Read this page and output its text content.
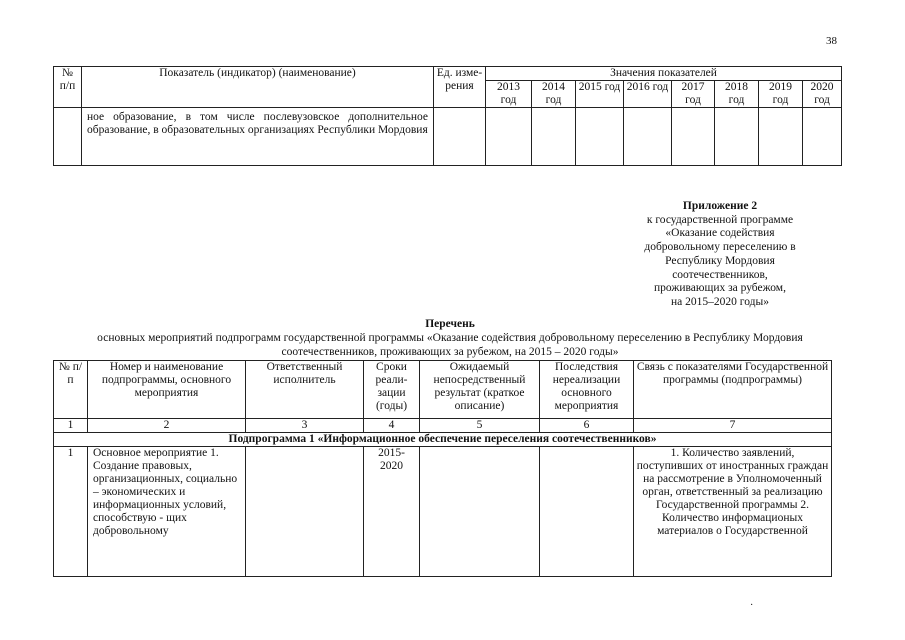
38
№ п/п	Показатель (индикатор) (наименование)	Ед. изме- рения	Значения показателей							
			2013 год	2014 год	2015 год	2016 год	2017 год	2018 год	2019 год	2020 год
	ное образование, в том числе послевузовское дополнительное образование, в образовательных организациях Республики Мордовия									
Приложение 2
к государственной программе
«Оказание содействия
добровольному переселению в
Республику Мордовия
соотечественников,
проживающих за рубежом,
на 2015–2020 годы»
Перечень
основных мероприятий подпрограмм государственной программы «Оказание содействия добровольному переселению в Республику Мордовия соотечественников, проживающих за рубежом, на 2015 – 2020 годы»
№ п/п	Номер и наименование подпрограммы, основного мероприятия	Ответственный исполнитель	Сроки реали- зации (годы)	Ожидаемый непосредственный результат (краткое описание)	Последствия нереализации основного мероприятия	Связь с показателями Государственной программы (подпрограммы)
1	2	3	4	5	6	7
Подпрограмма 1 «Информационное обеспечение переселения соотечественников»						
1	Основное мероприятие 1. Создание правовых, организационных, социально – экономических и информационных условий, способствую - щих добровольному		2015- 2020			1. Количество заявлений, поступивших от иностранных граждан на рассмотрение в Уполномоченный орган, ответственный за реализацию Государственной программы 2. Количество информационых материалов о Государственной
·
